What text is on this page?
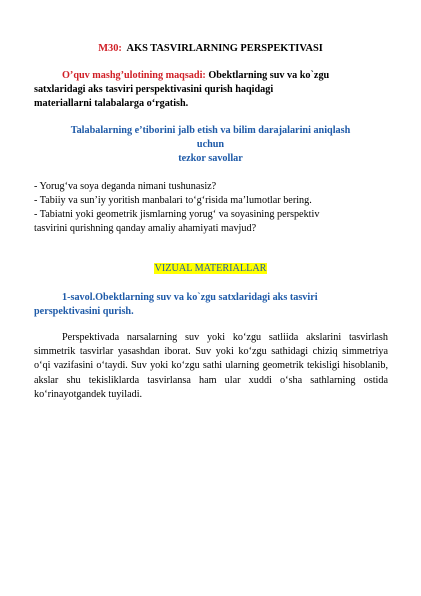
M30: AKS TASVIRLARNING PERSPEKTIVASI
O’quv mashg’ulotining maqsadi: Obektlarning suv va ko`zgu
satxlaridagi aks tasviri perspektivasini qurish haqidagi
materiallarni talabalarga o‘rgatish.
Talabalarning e’tiborini jalb etish va bilim darajalarini aniqlash
uchun
tezkor savollar
- Yorug‘va soya deganda nimani tushunasiz?
- Tabiiy va sun’iy yoritish manbalari to‘g‘risida ma’lumotlar bering.
- Tabiatni yoki geometrik jismlarning yorug‘ va soyasining perspektiv
tasvirini qurishning qanday amaliy ahamiyati mavjud?
VIZUAL MATERIALLAR
1-savol.Obektlarning suv va ko`zgu satxlaridagi aks tasviri
perspektivasini qurish.
Perspektivada narsalarning suv yoki ko‘zgu satliida akslarini tasvirlash simmetrik tasvirlar yasashdan iborat. Suv yoki ko‘zgu sathidagi chiziq simmetriya o‘qi vazifasini o‘taydi. Suv yoki ko‘zgu sathi ularning geometrik tekisligi hisoblanib, akslar shu tekisliklarda tasvirlansa ham ular xuddi o‘sha sathlarning ostida ko‘rinayotgandek tuyiladi.
